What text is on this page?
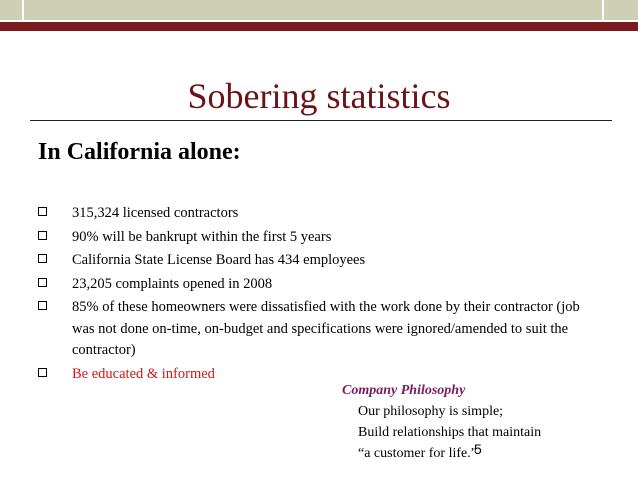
Sobering statistics
In California alone:
315,324 licensed contractors
90% will be bankrupt within the first 5 years
California State License Board has 434 employees
23,205 complaints opened in 2008
85% of these homeowners were dissatisfied with the work done by their contractor (job was not done on-time, on-budget and specifications were ignored/amended to suit the contractor)
Be educated & informed
Company Philosophy
Our philosophy is simple;
Build relationships that maintain
“a customer for life.”
5
